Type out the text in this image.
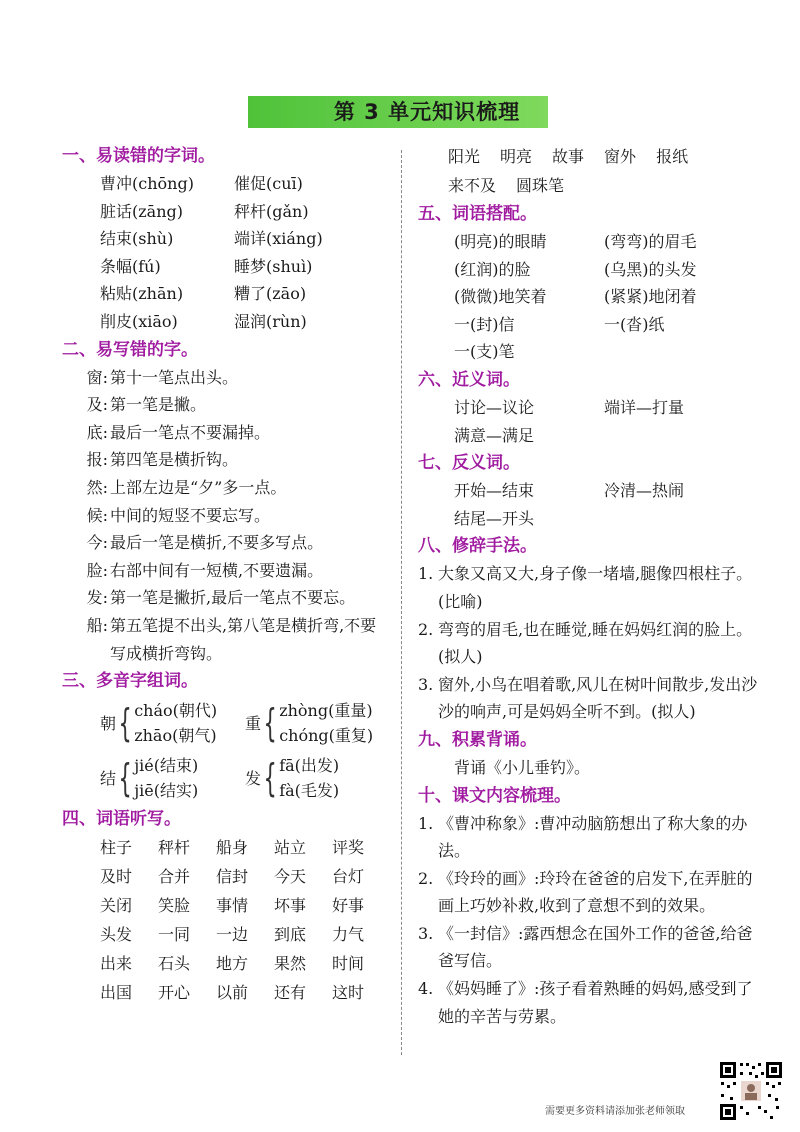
第 3 单元知识梳理
一、易读错的字词。
曹冲(chōng)	催促(cuī)
脏话(zāng)	秤杆(gǎn)
结束(shù)	端详(xiáng)
条幅(fú)	睡梦(shuì)
粘贴(zhān)	糟了(zāo)
削皮(xiāo)	湿润(rùn)
二、易写错的字。
窗: 第十一笔点出头。
及: 第一笔是撇。
底: 最后一笔点不要漏掉。
报: 第四笔是横折钩。
然: 上部左边是“夕”多一点。
候: 中间的短竖不要忘写。
今: 最后一笔是横折,不要多写点。
脸: 右部中间有一短横,不要遗漏。
发: 第一笔是撇折,最后一笔点不要忘。
船: 第五笔提不出头,第八笔是横折弯,不要写成横折弯钩。
三、多音字组词。
朝 { cháo(朝代)
zhāo(朝气)
重 { zhòng(重量)
chóng(重复)
结 { jié(结束)
jiē(结实)
发 { fā(出发)
fà(毛发)
四、词语听写。
柱子	秤杆	船身	站立	评奖
及时	合并	信封	今天	台灯
关闭	笑脸	事情	坏事	好事
头发	一同	一边	到底	力气
出来	石头	地方	果然	时间
出国	开心	以前	还有	这时
阳光 明亮 故事 窗外 报纸
来不及 圆珠笔
五、词语搭配。
(明亮)的眼睛	(弯弯)的眉毛
(红润)的脸	(乌黑)的头发
(微微)地笑着	(紧紧)地闭着
一(封)信	一(沓)纸
一(支)笔
六、近义词。
讨论—议论	端详—打量
满意—满足
七、反义词。
开始—结束	冷清—热闹
结尾—开头
八、修辞手法。
1. 大象又高又大,身子像一堵墙,腿像四根柱子。(比喻)
2. 弯弯的眉毛,也在睡觉,睡在妈妈红润的脸上。(拟人)
3. 窗外,小鸟在唱着歌,风儿在树叶间散步,发出沙沙的响声,可是妈妈全听不到。(拟人)
九、积累背诵。
背诵《小儿垂钓》。
十、课文内容梳理。
1. 《曹冲称象》:曹冲动脑筋想出了称大象的办法。
2. 《玲玲的画》:玲玲在爸爸的启发下,在弄脏的画上巧妙补救,收到了意想不到的效果。
3. 《一封信》:露西想念在国外工作的爸爸,给爸爸写信。
4. 《妈妈睡了》:孩子看着熟睡的妈妈,感受到了她的辛苦与劳累。
需要更多资料请添加张老师领取
